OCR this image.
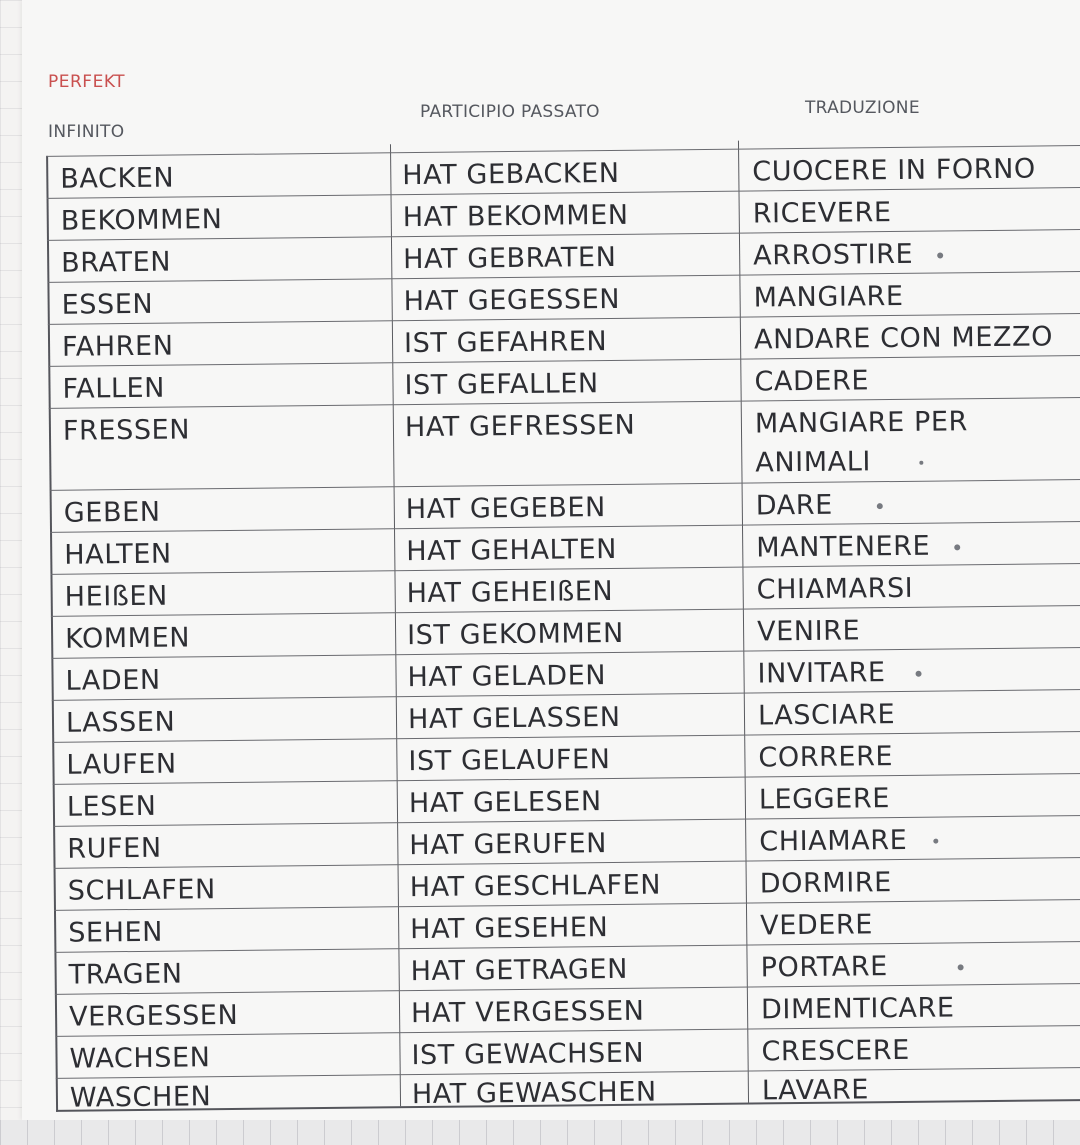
PERFEKT
INFINITO
PARTICIPIO PASSATO	TRADUZIONE
BACKEN	HAT GEBACKEN	CUOCERE IN FORNO
BEKOMMEN	HAT BEKOMMEN	RICEVERE
BRATEN	HAT GEBRATEN	ARROSTIRE
ESSEN	HAT GEGESSEN	MANGIARE
FAHREN	IST GEFAHREN	ANDARE CON MEZZO
FALLEN	IST GEFALLEN	CADERE
FRESSEN	HAT GEFRESSEN	MANGIARE PER
ANIMALI
GEBEN	HAT GEGEBEN	DARE
HALTEN	HAT GEHALTEN	MANTENERE
HEIßEN	HAT GEHEIßEN	CHIAMARSI
KOMMEN	IST GEKOMMEN	VENIRE
LADEN	HAT GELADEN	INVITARE
LASSEN	HAT GELASSEN	LASCIARE
LAUFEN	IST GELAUFEN	CORRERE
LESEN	HAT GELESEN	LEGGERE
RUFEN	HAT GERUFEN	CHIAMARE
SCHLAFEN	HAT GESCHLAFEN	DORMIRE
SEHEN	HAT GESEHEN	VEDERE
TRAGEN	HAT GETRAGEN	PORTARE
VERGESSEN	HAT VERGESSEN	DIMENTICARE
WACHSEN	IST GEWACHSEN	CRESCERE
WASCHEN	HAT GEWASCHEN	LAVARE
